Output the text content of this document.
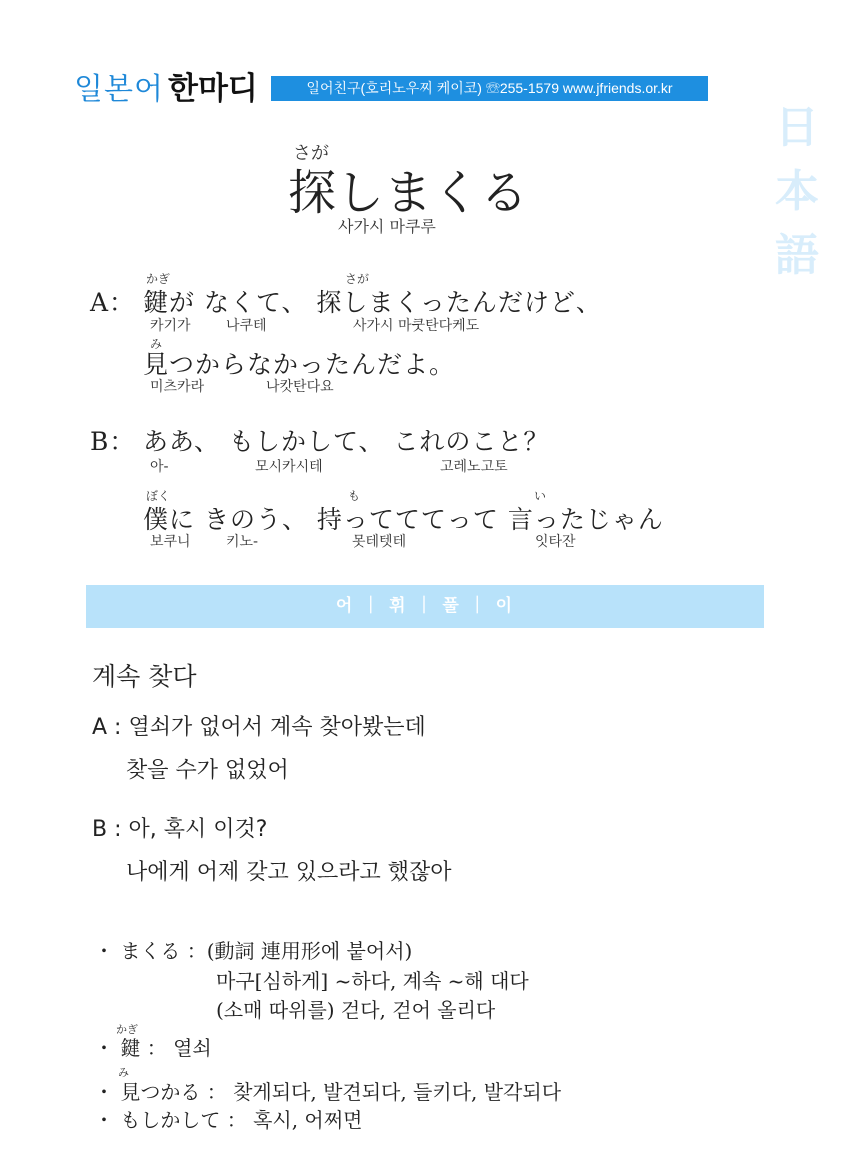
일본어 한마디	일어친구(호리노우찌 케이코) ☏255-1579 www.jfriends.or.kr
日
本
語
さが
探しまくる
사가시 마쿠루
かぎ	さが
A： 鍵が なくて、 探しまくったんだけど、
카기가	나쿠테	사가시 마쿳탄다케도
み
見つからなかったんだよ。
미츠카라	나캇탄다요
B： ああ、 もしかして、 これのこと？
아-	모시카시테	고레노고토
ぼく	も	い
僕に きのう、 持ってててって 言ったじゃん
보쿠니	키노-	못테텟테	잇타잔
어 ｜ 휘 ｜ 풀 ｜ 이
계속 찾다
A : 열쇠가 없어서 계속 찾아봤는데
찾을 수가 없었어
B : 아, 혹시 이것?
나에게 어제 갖고 있으라고 했잖아
・ まくる ：(動詞 連用形에 붙어서)
마구[심하게] ~하다, 계속 ~해 대다
(소매 따위를) 걷다, 걷어 올리다
かぎ
・ 鍵 ： 열쇠
み
・ 見つかる ： 찾게되다, 발견되다, 들키다, 발각되다
・ もしかして ： 혹시, 어쩌면
